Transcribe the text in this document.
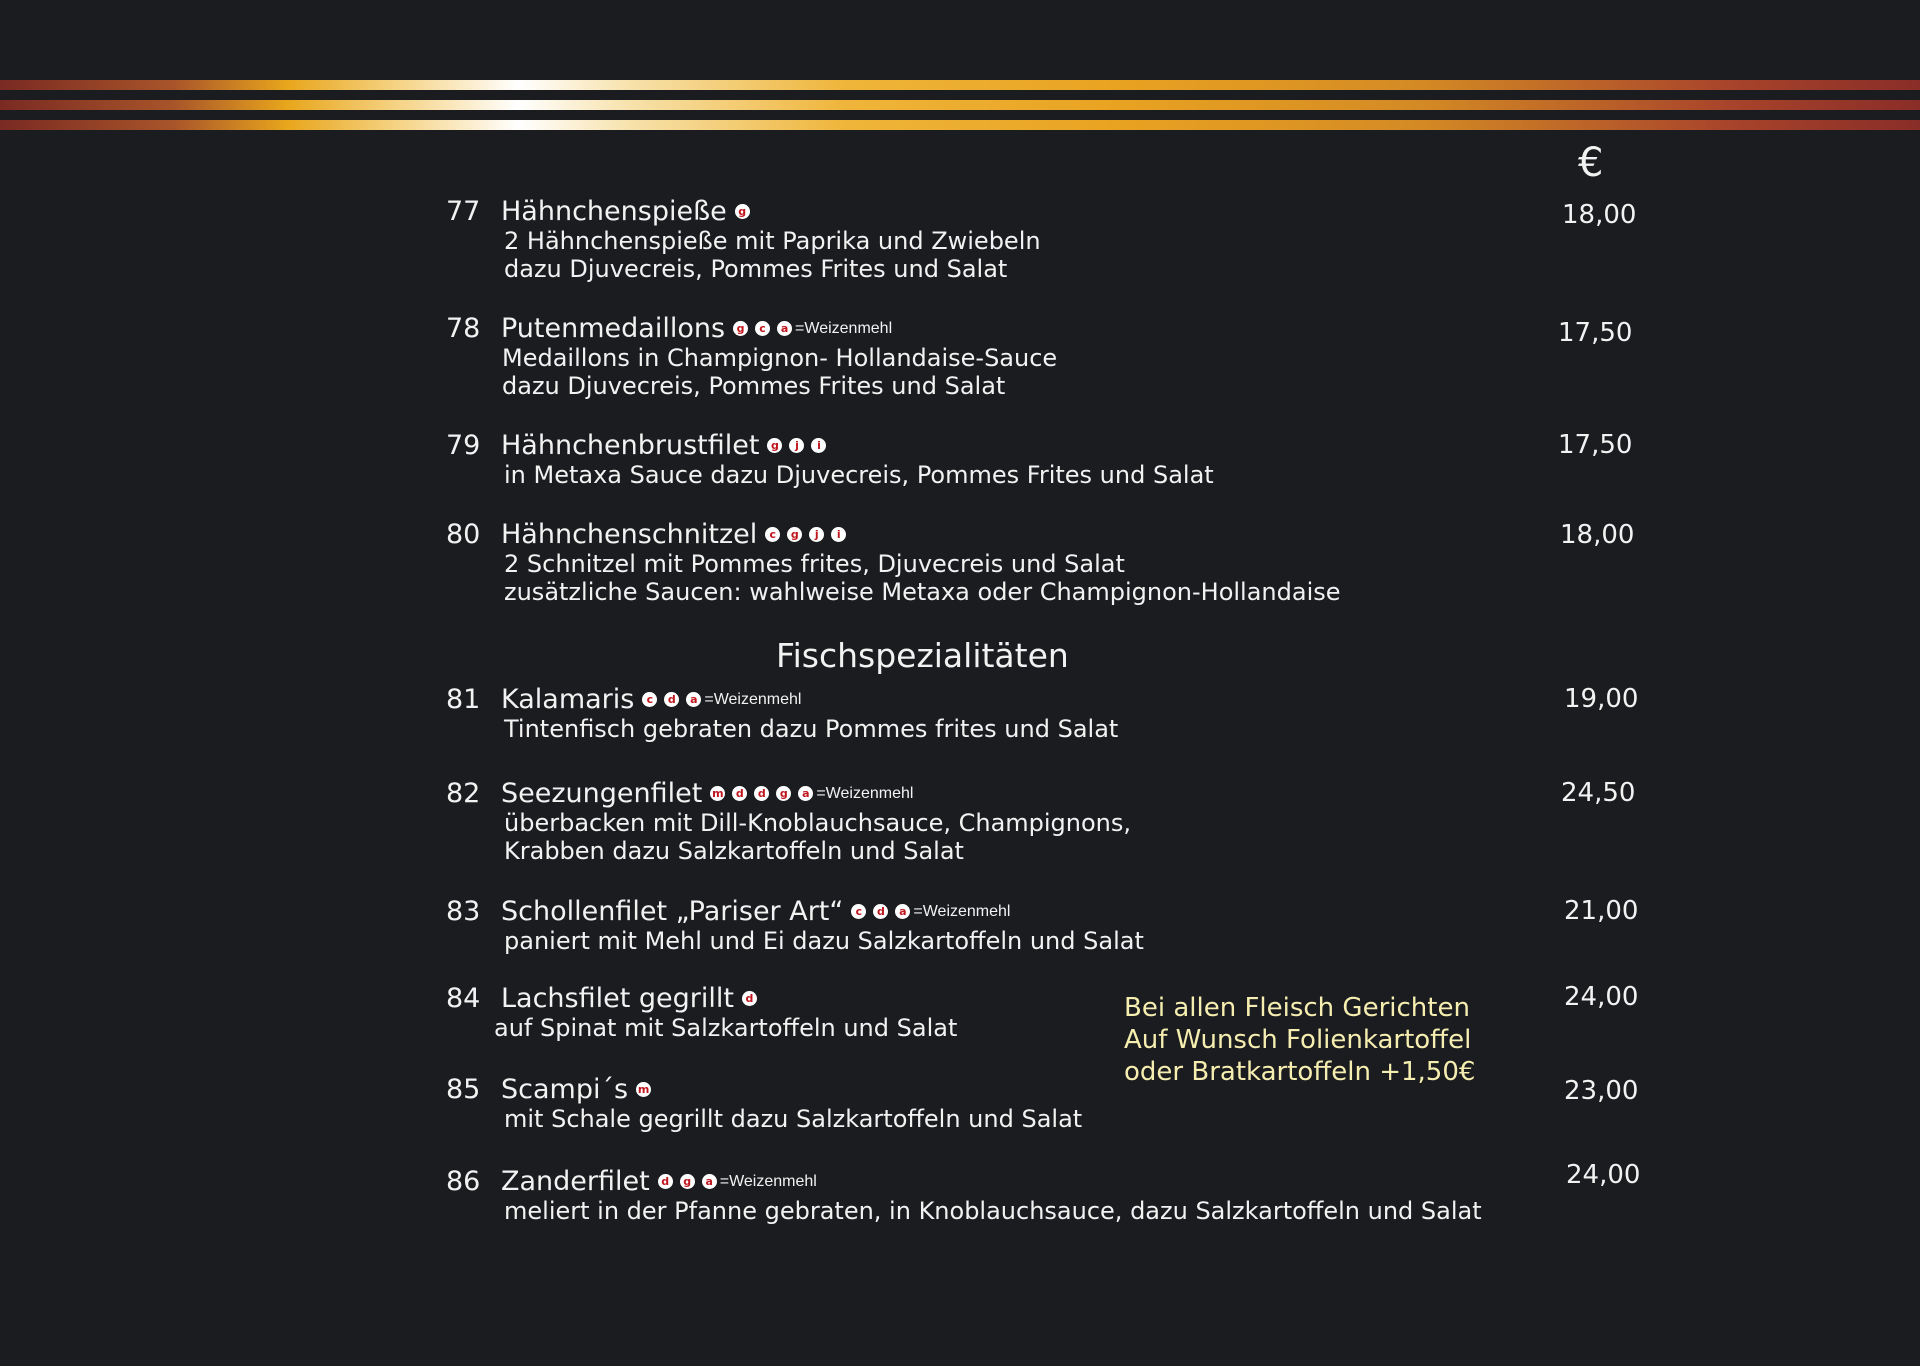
€
Fischspezialitäten
Bei allen Fleisch Gerichten
Auf Wunsch Folienkartoffel
oder Bratkartoffeln +1,50€
77 Hähnchenspieße	g
2 Hähnchenspieße mit Paprika und Zwiebeln
dazu Djuvecreis, Pommes Frites und Salat
18,00
78 Putenmedaillons	g	c	a =Weizenmehl
Medaillons in Champignon- Hollandaise-Sauce
dazu Djuvecreis, Pommes Frites und Salat
17,50
79 Hähnchenbrustfilet	g	j	i
in Metaxa Sauce dazu Djuvecreis, Pommes Frites und Salat
17,50
80 Hähnchenschnitzel	c	g	j	i
2 Schnitzel mit Pommes frites, Djuvecreis und Salat
zusätzliche Saucen: wahlweise Metaxa oder Champignon-Hollandaise
18,00
81 Kalamaris	c	d	a =Weizenmehl
Tintenfisch gebraten dazu Pommes frites und Salat
19,00
82 Seezungenfilet m	d	d	g	a =Weizenmehl
überbacken mit Dill-Knoblauchsauce, Champignons,
Krabben dazu Salzkartoffeln und Salat
24,50
83 Schollenfilet „Pariser Art“	c	d	a =Weizenmehl
paniert mit Mehl und Ei dazu Salzkartoffeln und Salat
21,00
84 Lachsfilet gegrillt	d
auf Spinat mit Salzkartoffeln und Salat
24,00
85 Scampi´s m
mit Schale gegrillt dazu Salzkartoffeln und Salat
23,00
86 Zanderfilet	d	g	a =Weizenmehl
meliert in der Pfanne gebraten, in Knoblauchsauce, dazu Salzkartoffeln und Salat
24,00
